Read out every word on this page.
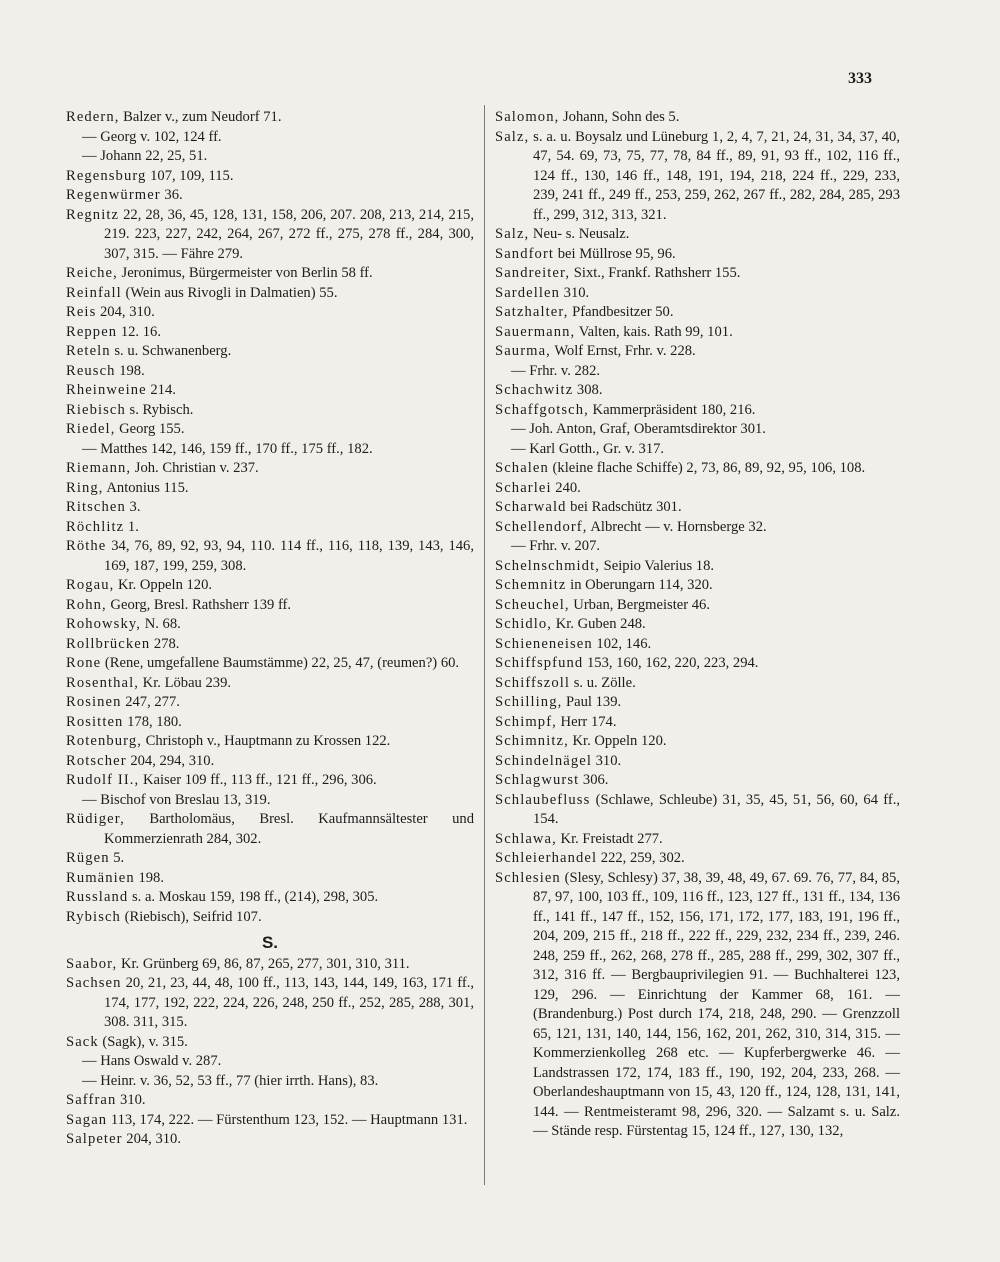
333
Redern, Balzer v., zum Neudorf 71.
— Georg v. 102, 124 ff.
— Johann 22, 25, 51.
Regensburg 107, 109, 115.
Regenwürmer 36.
Regnitz 22, 28, 36, 45, 128, 131, 158, 206, 207. 208, 213, 214, 215, 219. 223, 227, 242, 264, 267, 272 ff., 275, 278 ff., 284, 300, 307, 315. — Fähre 279.
Reiche, Jeronimus, Bürgermeister von Berlin 58 ff.
Reinfall (Wein aus Rivogli in Dalmatien) 55.
Reis 204, 310.
Reppen 12. 16.
Reteln s. u. Schwanenberg.
Reusch 198.
Rheinweine 214.
Riebisch s. Rybisch.
Riedel, Georg 155.
— Matthes 142, 146, 159 ff., 170 ff., 175 ff., 182.
Riemann, Joh. Christian v. 237.
Ring, Antonius 115.
Ritschen 3.
Röchlitz 1.
Röthe 34, 76, 89, 92, 93, 94, 110. 114 ff., 116, 118, 139, 143, 146, 169, 187, 199, 259, 308.
Rogau, Kr. Oppeln 120.
Rohn, Georg, Bresl. Rathsherr 139 ff.
Rohowsky, N. 68.
Rollbrücken 278.
Rone (Rene, umgefallene Baumstämme) 22, 25, 47, (reumen?) 60.
Rosenthal, Kr. Löbau 239.
Rosinen 247, 277.
Rositten 178, 180.
Rotenburg, Christoph v., Hauptmann zu Krossen 122.
Rotscher 204, 294, 310.
Rudolf II., Kaiser 109 ff., 113 ff., 121 ff., 296, 306.
— Bischof von Breslau 13, 319.
Rüdiger, Bartholomäus, Bresl. Kaufmannsältester und Kommerzienrath 284, 302.
Rügen 5.
Rumänien 198.
Russland s. a. Moskau 159, 198 ff., (214), 298, 305.
Rybisch (Riebisch), Seifrid 107.
S.
Saabor, Kr. Grünberg 69, 86, 87, 265, 277, 301, 310, 311.
Sachsen 20, 21, 23, 44, 48, 100 ff., 113, 143, 144, 149, 163, 171 ff., 174, 177, 192, 222, 224, 226, 248, 250 ff., 252, 285, 288, 301, 308. 311, 315.
Sack (Sagk), v. 315.
— Hans Oswald v. 287.
— Heinr. v. 36, 52, 53 ff., 77 (hier irrth. Hans), 83.
Saffran 310.
Sagan 113, 174, 222. — Fürstenthum 123, 152. — Hauptmann 131.
Salpeter 204, 310.
Salomon, Johann, Sohn des 5.
Salz, s. a. u. Boysalz und Lüneburg 1, 2, 4, 7, 21, 24, 31, 34, 37, 40, 47, 54. 69, 73, 75, 77, 78, 84 ff., 89, 91, 93 ff., 102, 116 ff., 124 ff., 130, 146 ff., 148, 191, 194, 218, 224 ff., 229, 233, 239, 241 ff., 249 ff., 253, 259, 262, 267 ff., 282, 284, 285, 293 ff., 299, 312, 313, 321.
Salz, Neu- s. Neusalz.
Sandfort bei Müllrose 95, 96.
Sandreiter, Sixt., Frankf. Rathsherr 155.
Sardellen 310.
Satzhalter, Pfandbesitzer 50.
Sauermann, Valten, kais. Rath 99, 101.
Saurma, Wolf Ernst, Frhr. v. 228.
— Frhr. v. 282.
Schachwitz 308.
Schaffgotsch, Kammerpräsident 180, 216.
— Joh. Anton, Graf, Oberamtsdirektor 301.
— Karl Gotth., Gr. v. 317.
Schalen (kleine flache Schiffe) 2, 73, 86, 89, 92, 95, 106, 108.
Scharlei 240.
Scharwald bei Radschütz 301.
Schellendorf, Albrecht — v. Hornsberge 32.
— Frhr. v. 207.
Schelnschmidt, Seipio Valerius 18.
Schemnitz in Oberungarn 114, 320.
Scheuchel, Urban, Bergmeister 46.
Schidlo, Kr. Guben 248.
Schieneneisen 102, 146.
Schiffspfund 153, 160, 162, 220, 223, 294.
Schiffszoll s. u. Zölle.
Schilling, Paul 139.
Schimpf, Herr 174.
Schimnitz, Kr. Oppeln 120.
Schindelnägel 310.
Schlagwurst 306.
Schlaubefluss (Schlawe, Schleube) 31, 35, 45, 51, 56, 60, 64 ff., 154.
Schlawa, Kr. Freistadt 277.
Schleierhandel 222, 259, 302.
Schlesien (Slesy, Schlesy) 37, 38, 39, 48, 49, 67. 69. 76, 77, 84, 85, 87, 97, 100, 103 ff., 109, 116 ff., 123, 127 ff., 131 ff., 134, 136 ff., 141 ff., 147 ff., 152, 156, 171, 172, 177, 183, 191, 196 ff., 204, 209, 215 ff., 218 ff., 222 ff., 229, 232, 234 ff., 239, 246. 248, 259 ff., 262, 268, 278 ff., 285, 288 ff., 299, 302, 307 ff., 312, 316 ff. — Bergbauprivilegien 91. — Buchhalterei 123, 129, 296. — Einrichtung der Kammer 68, 161. — (Brandenburg.) Post durch 174, 218, 248, 290. — Grenzzoll 65, 121, 131, 140, 144, 156, 162, 201, 262, 310, 314, 315. — Kommerzienkolleg 268 etc. — Kupferbergwerke 46. — Landstrassen 172, 174, 183 ff., 190, 192, 204, 233, 268. — Oberlandeshauptmann von 15, 43, 120 ff., 124, 128, 131, 141, 144. — Rentmeisteramt 98, 296, 320. — Salzamt s. u. Salz. — Stände resp. Fürstentag 15, 124 ff., 127, 130, 132,
